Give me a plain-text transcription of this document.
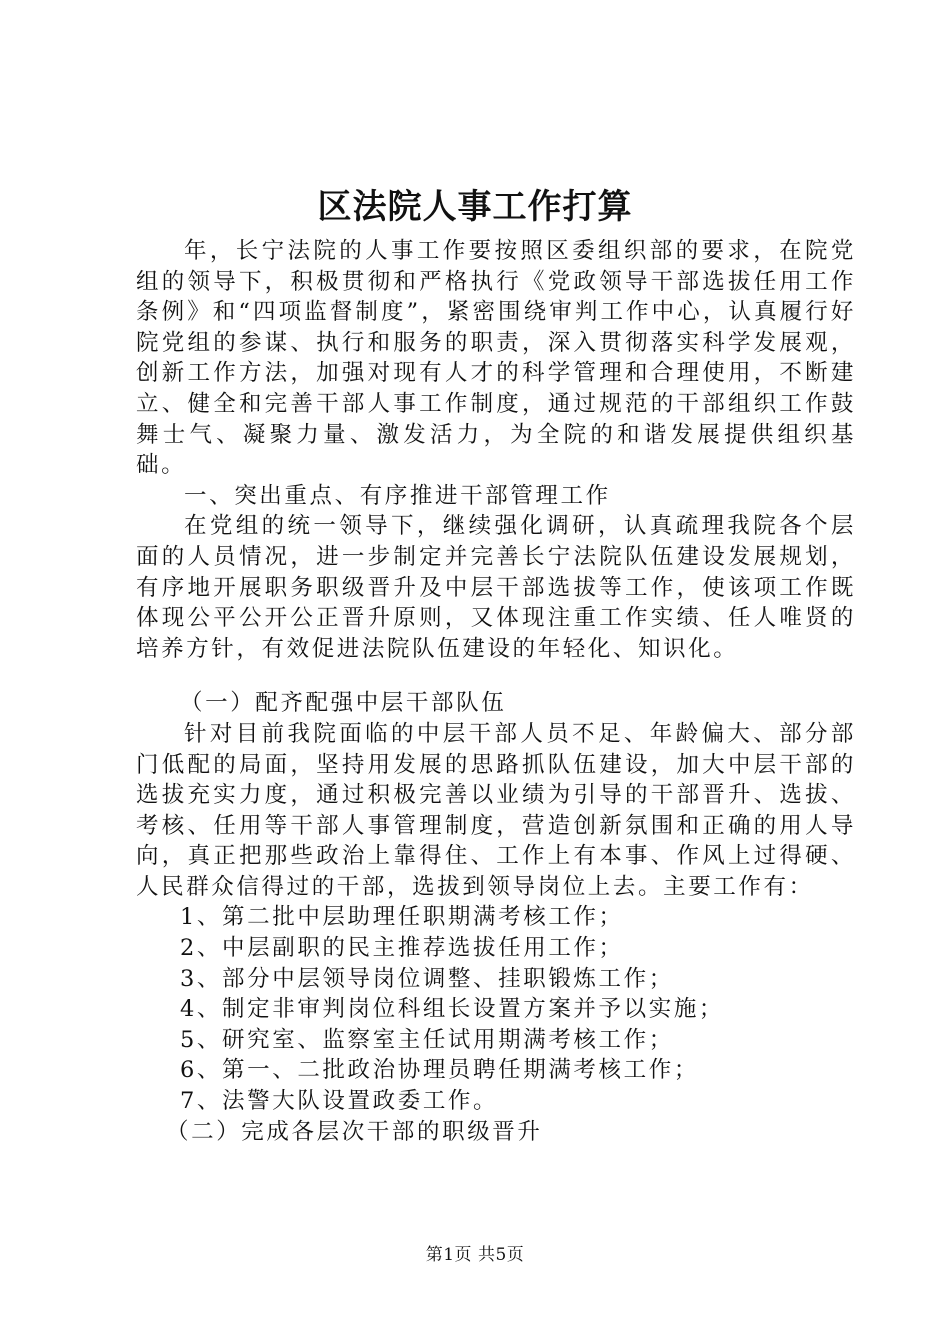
区法院人事工作打算

年，长宁法院的人事工作要按照区委组织部的要求，在院党组的领导下，积极贯彻和严格执行《党政领导干部选拔任用工作条例》和“四项监督制度”，紧密围绕审判工作中心，认真履行好院党组的参谋、执行和服务的职责，深入贯彻落实科学发展观，创新工作方法，加强对现有人才的科学管理和合理使用，不断建立、健全和完善干部人事工作制度，通过规范的干部组织工作鼓舞士气、凝聚力量、激发活力，为全院的和谐发展提供组织基础。

一、突出重点、有序推进干部管理工作

在党组的统一领导下，继续强化调研，认真疏理我院各个层面的人员情况，进一步制定并完善长宁法院队伍建设发展规划，有序地开展职务职级晋升及中层干部选拔等工作，使该项工作既体现公平公开公正晋升原则，又体现注重工作实绩、任人唯贤的培养方针，有效促进法院队伍建设的年轻化、知识化。

（一）配齐配强中层干部队伍

针对目前我院面临的中层干部人员不足、年龄偏大、部分部门低配的局面，坚持用发展的思路抓队伍建设，加大中层干部的选拔充实力度，通过积极完善以业绩为引导的干部晋升、选拔、考核、任用等干部人事管理制度，营造创新氛围和正确的用人导向，真正把那些政治上靠得住、工作上有本事、作风上过得硬、人民群众信得过的干部，选拔到领导岗位上去。主要工作有：

1、第二批中层助理任职期满考核工作；

2、中层副职的民主推荐选拔任用工作；

3、部分中层领导岗位调整、挂职锻炼工作；

4、制定非审判岗位科组长设置方案并予以实施；

5、研究室、监察室主任试用期满考核工作；

6、第一、二批政治协理员聘任期满考核工作；

7、法警大队设置政委工作。

（二）完成各层次干部的职级晋升

第1页 共5页
